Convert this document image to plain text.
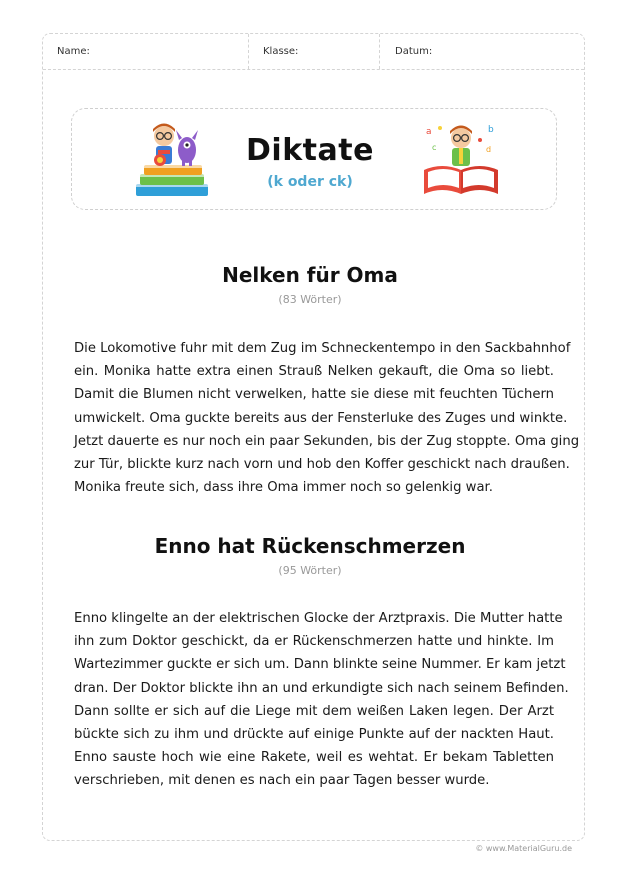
Name:	Klasse:	Datum:
a	b
c	d
Diktate
(k oder ck)
Nelken für Oma
(83 Wörter)
Die Lokomotive fuhr mit dem Zug im Schneckentempo in den Sackbahnhof
ein. Monika hatte extra einen Strauß Nelken gekauft, die Oma so liebt.
Damit die Blumen nicht verwelken, hatte sie diese mit feuchten Tüchern
umwickelt. Oma guckte bereits aus der Fensterluke des Zuges und winkte.
Jetzt dauerte es nur noch ein paar Sekunden, bis der Zug stoppte. Oma ging
zur Tür, blickte kurz nach vorn und hob den Koffer geschickt nach draußen.
Monika freute sich, dass ihre Oma immer noch so gelenkig war.
Enno hat Rückenschmerzen
(95 Wörter)
Enno klingelte an der elektrischen Glocke der Arztpraxis. Die Mutter hatte
ihn zum Doktor geschickt, da er Rückenschmerzen hatte und hinkte. Im
Wartezimmer guckte er sich um. Dann blinkte seine Nummer. Er kam jetzt
dran. Der Doktor blickte ihn an und erkundigte sich nach seinem Befinden.
Dann sollte er sich auf die Liege mit dem weißen Laken legen. Der Arzt
bückte sich zu ihm und drückte auf einige Punkte auf der nackten Haut.
Enno sauste hoch wie eine Rakete, weil es wehtat. Er bekam Tabletten
verschrieben, mit denen es nach ein paar Tagen besser wurde.
© www.MaterialGuru.de
